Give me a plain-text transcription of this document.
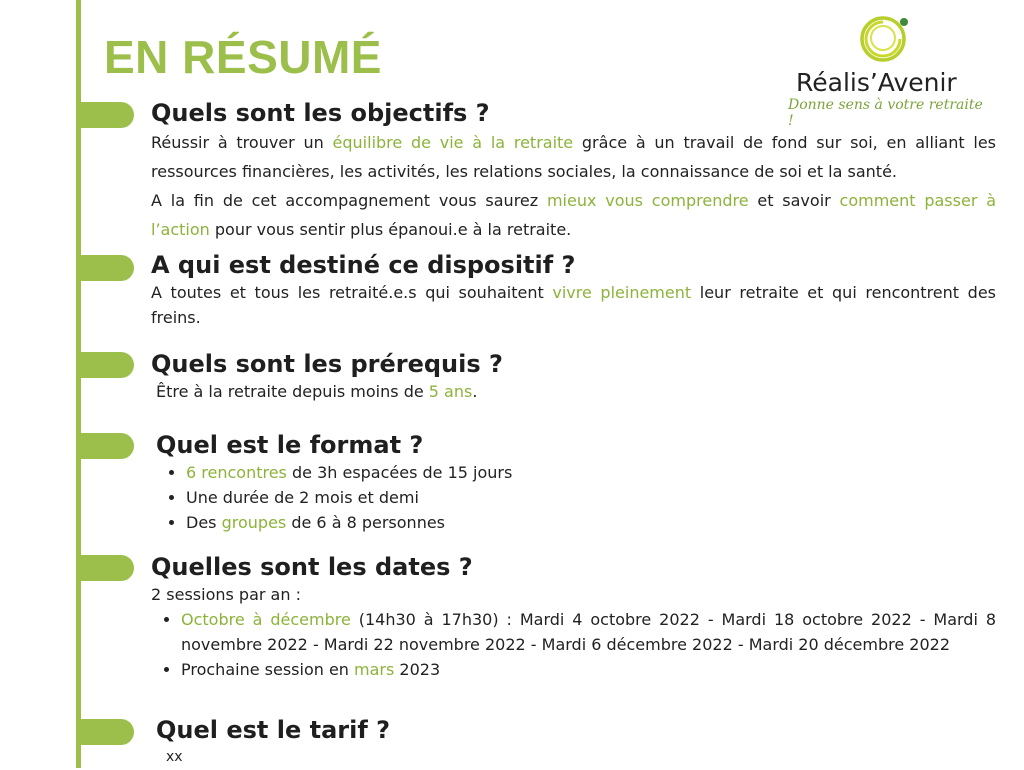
EN RÉSUMÉ	Réalis’Avenir
Donne sens à votre retraite !
Quels sont les objectifs ?

Réussir à trouver un équilibre de vie à la retraite grâce à un travail de fond sur soi, en alliant les ressources financières, les activités, les relations sociales, la connaissance de soi et la santé.

A la fin de cet accompagnement vous saurez mieux vous comprendre et savoir comment passer à l’action pour vous sentir plus épanoui.e à la retraite.

A qui est destiné ce dispositif ?

A toutes et tous les retraité.e.s qui souhaitent vivre pleinement leur retraite et qui rencontrent des freins.

Quels sont les prérequis ?

Être à la retraite depuis moins de 5 ans.

Quel est le format ?
• 6 rencontres de 3h espacées de 15 jours
• Une durée de 2 mois et demi
• Des groupes de 6 à 8 personnes
Quelles sont les dates ?

2 sessions par an :

• Octobre à décembre (14h30 à 17h30) : Mardi 4 octobre 2022 - Mardi 18 octobre 2022 - Mardi 8 novembre 2022 - Mardi 22 novembre 2022 - Mardi 6 décembre 2022 - Mardi 20 décembre 2022
• Prochaine session en mars 2023
Quel est le tarif ?

xx
